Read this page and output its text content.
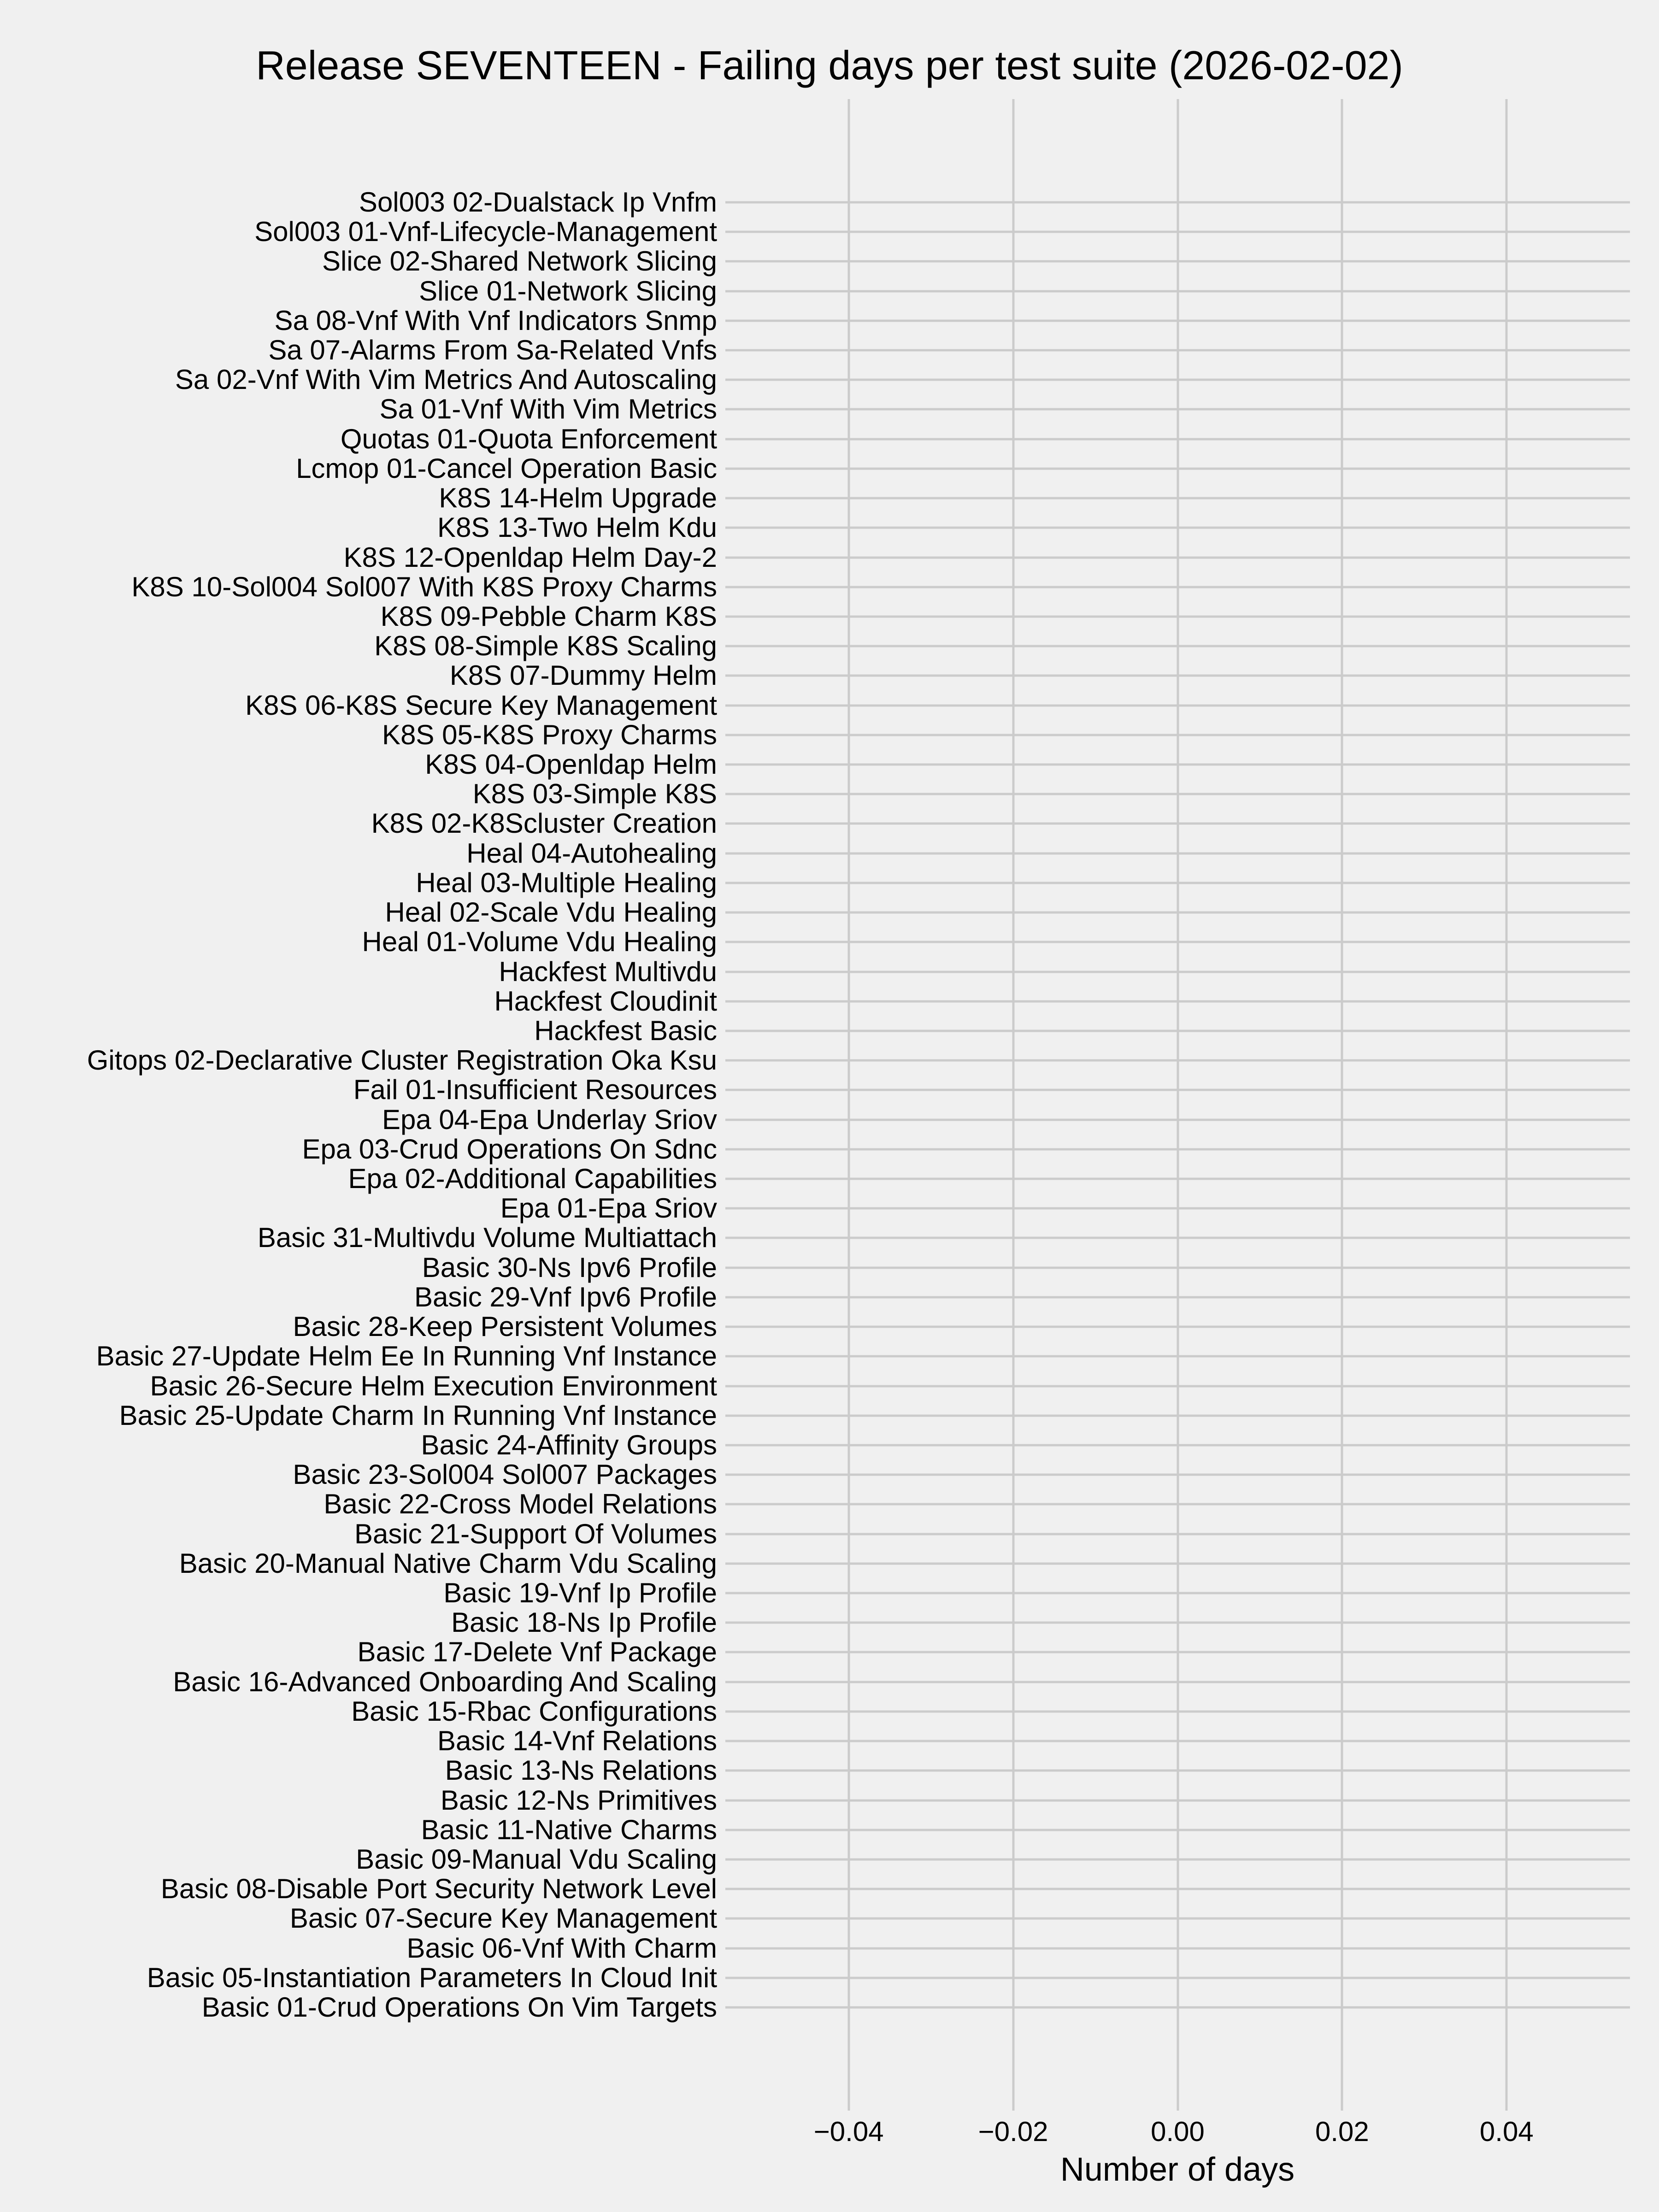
Release SEVENTEEN - Failing days per test suite (2026-02-02)
Sol003 02-Dualstack Ip Vnfm
Sol003 01-Vnf-Lifecycle-Management
Slice 02-Shared Network Slicing
Slice 01-Network Slicing
Sa 08-Vnf With Vnf Indicators Snmp
Sa 07-Alarms From Sa-Related Vnfs
Sa 02-Vnf With Vim Metrics And Autoscaling
Sa 01-Vnf With Vim Metrics
Quotas 01-Quota Enforcement
Lcmop 01-Cancel Operation Basic
K8S 14-Helm Upgrade
K8S 13-Two Helm Kdu
K8S 12-Openldap Helm Day-2
K8S 10-Sol004 Sol007 With K8S Proxy Charms
K8S 09-Pebble Charm K8S
K8S 08-Simple K8S Scaling
K8S 07-Dummy Helm
K8S 06-K8S Secure Key Management
K8S 05-K8S Proxy Charms
K8S 04-Openldap Helm
K8S 03-Simple K8S
K8S 02-K8Scluster Creation
Heal 04-Autohealing
Heal 03-Multiple Healing
Heal 02-Scale Vdu Healing
Heal 01-Volume Vdu Healing
Hackfest Multivdu
Hackfest Cloudinit
Hackfest Basic
Gitops 02-Declarative Cluster Registration Oka Ksu
Fail 01-Insufficient Resources
Epa 04-Epa Underlay Sriov
Epa 03-Crud Operations On Sdnc
Epa 02-Additional Capabilities
Epa 01-Epa Sriov
Basic 31-Multivdu Volume Multiattach
Basic 30-Ns Ipv6 Profile
Basic 29-Vnf Ipv6 Profile
Basic 28-Keep Persistent Volumes
Basic 27-Update Helm Ee In Running Vnf Instance
Basic 26-Secure Helm Execution Environment
Basic 25-Update Charm In Running Vnf Instance
Basic 24-Affinity Groups
Basic 23-Sol004 Sol007 Packages
Basic 22-Cross Model Relations
Basic 21-Support Of Volumes
Basic 20-Manual Native Charm Vdu Scaling
Basic 19-Vnf Ip Profile
Basic 18-Ns Ip Profile
Basic 17-Delete Vnf Package
Basic 16-Advanced Onboarding And Scaling
Basic 15-Rbac Configurations
Basic 14-Vnf Relations
Basic 13-Ns Relations
Basic 12-Ns Primitives
Basic 11-Native Charms
Basic 09-Manual Vdu Scaling
Basic 08-Disable Port Security Network Level
Basic 07-Secure Key Management
Basic 06-Vnf With Charm
Basic 05-Instantiation Parameters In Cloud Init
Basic 01-Crud Operations On Vim Targets
−0.04	−0.02	0.00	0.02	0.04
Number of days
